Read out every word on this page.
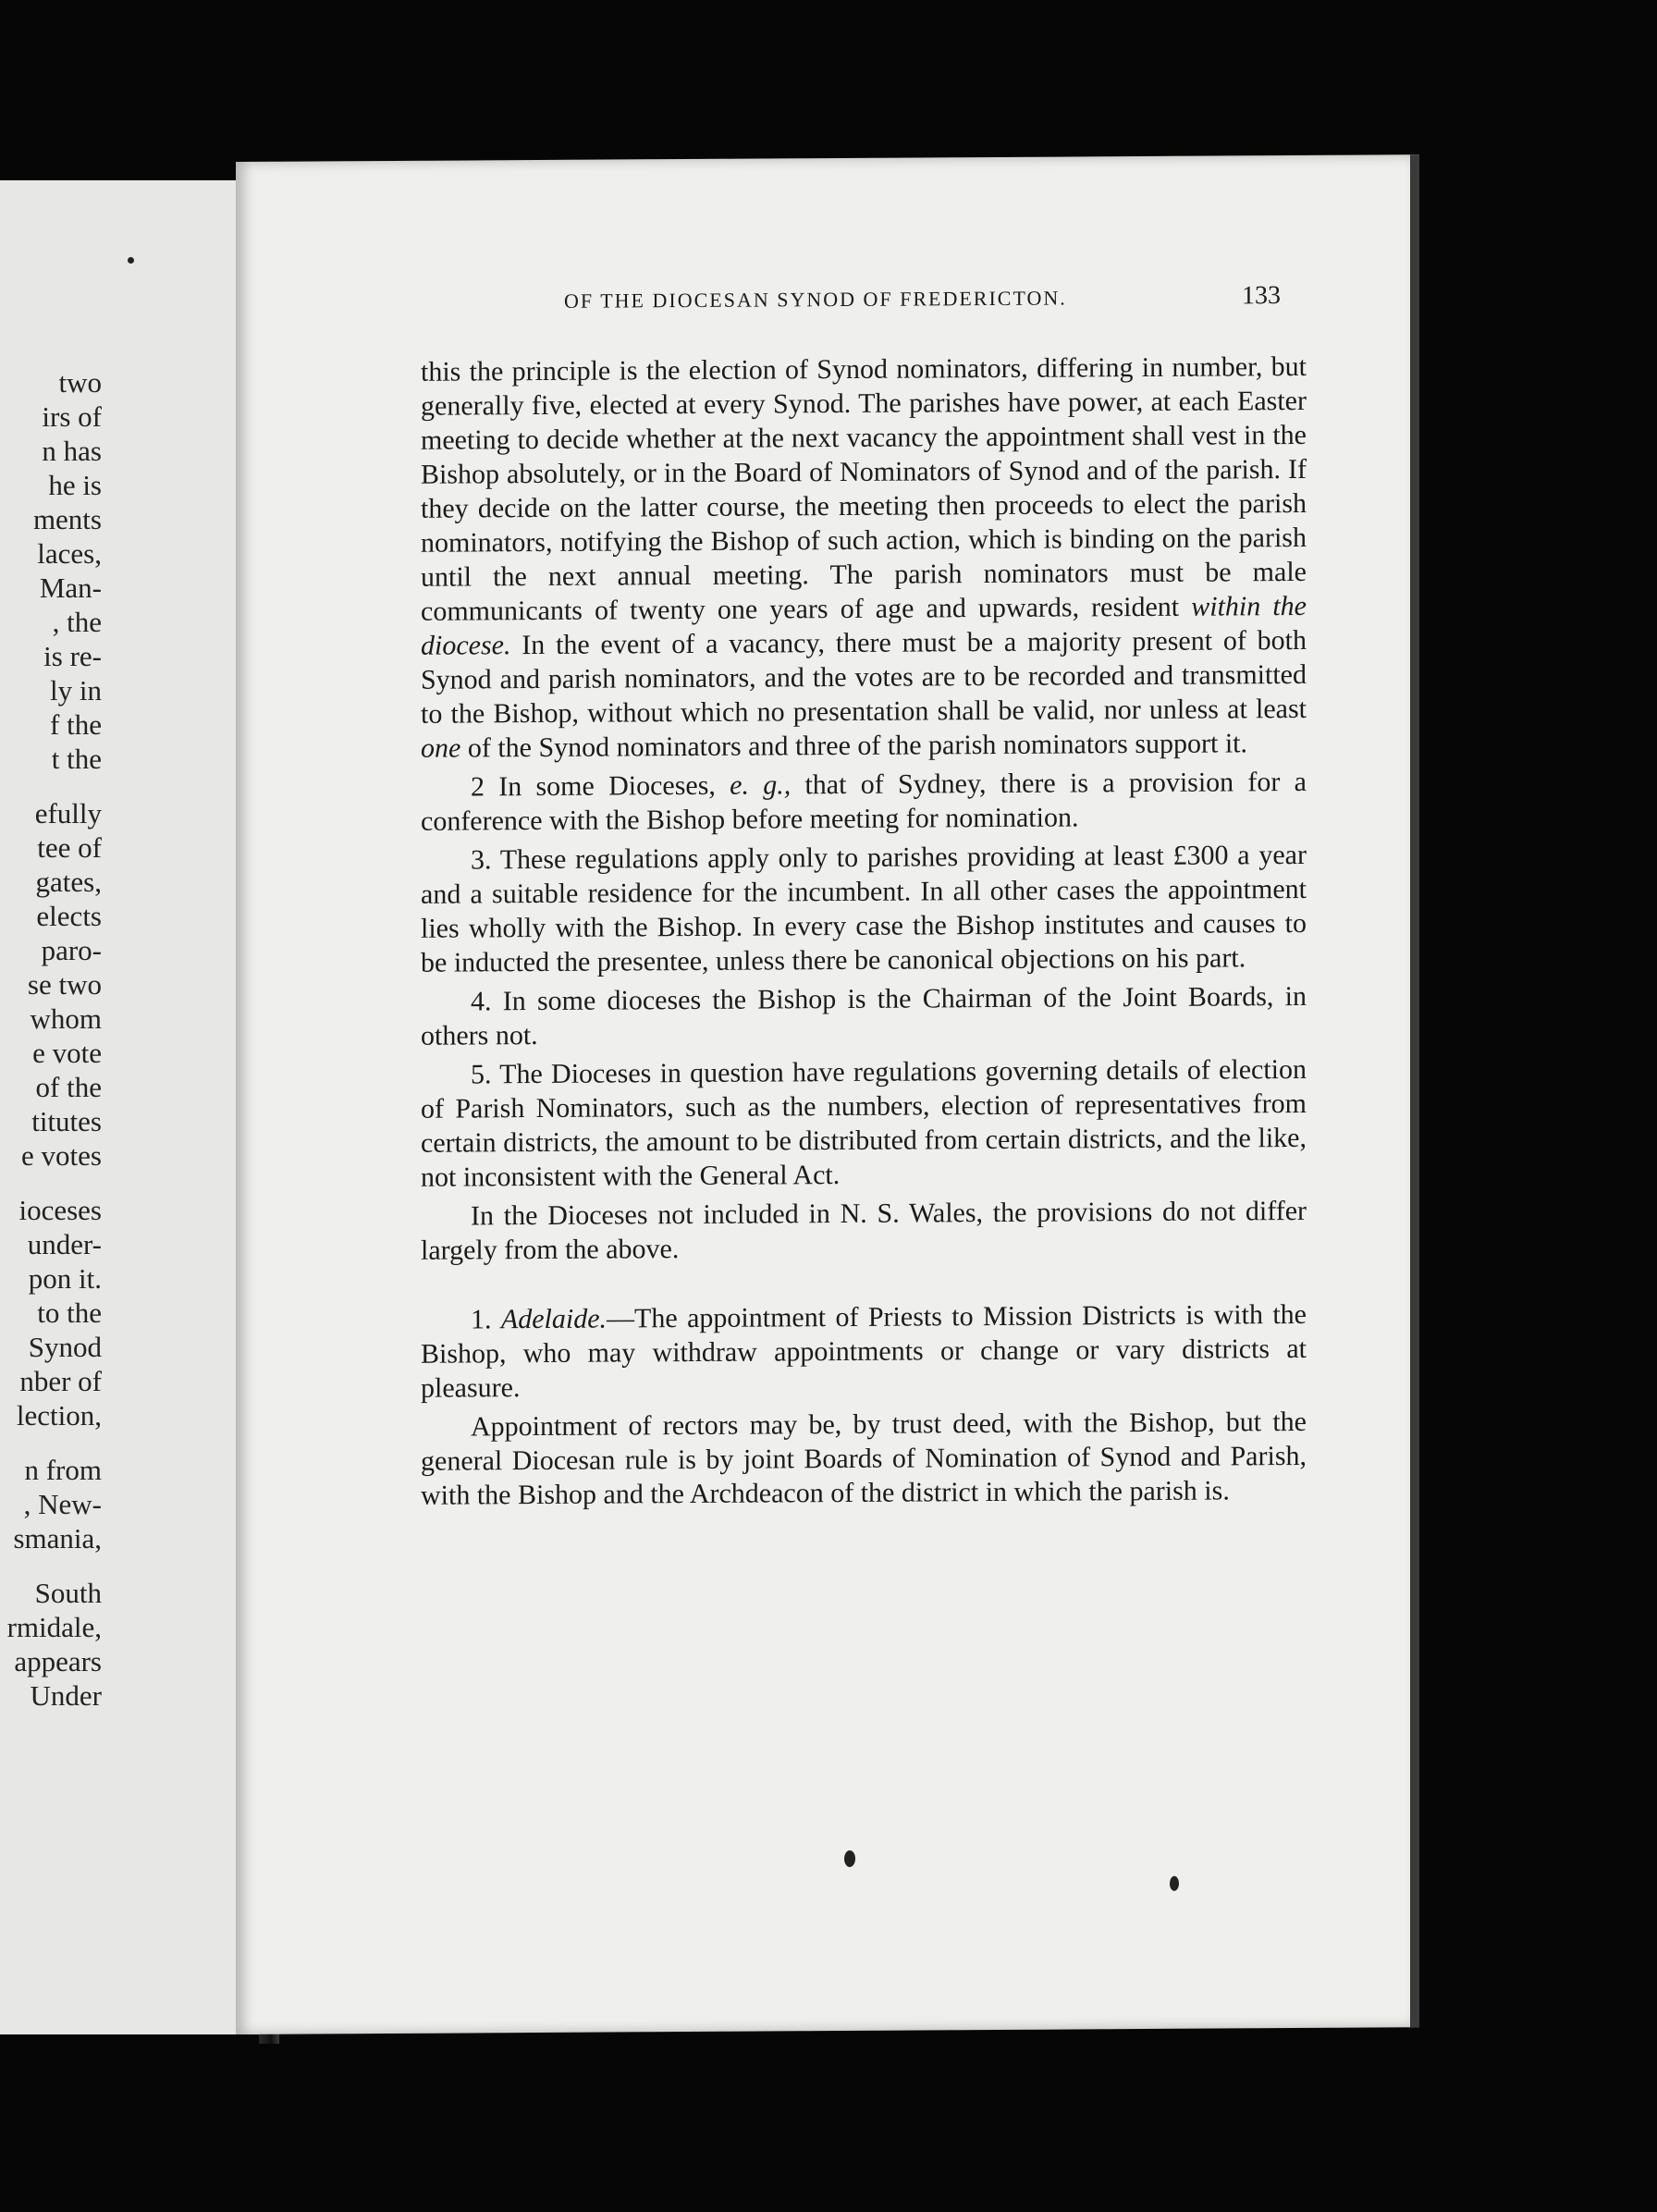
two
irs of
n has
he is
ments
laces,
Man-
, the
is re-
ly in
f the
t the
efully
tee of
gates,
elects
paro-
se two
whom
e vote
of the
titutes
e votes
ioceses
under-
pon it.
to the
Synod
nber of
lection,
n from
, New-
smania,
South
rmidale,
appears
Under
OF THE DIOCESAN SYNOD OF FREDERICTON.	133

this the principle is the election of Synod nominators, differing in number, but generally five, elected at every Synod. The parishes have power, at each Easter meeting to decide whether at the next vacancy the appointment shall vest in the Bishop absolutely, or in the Board of Nominators of Synod and of the parish. If they decide on the latter course, the meeting then proceeds to elect the parish nominators, notifying the Bishop of such action, which is binding on the parish until the next annual meeting. The parish nominators must be male communicants of twenty one years of age and upwards, resident within the diocese. In the event of a vacancy, there must be a majority present of both Synod and parish nominators, and the votes are to be recorded and transmitted to the Bishop, without which no presentation shall be valid, nor unless at least one of the Synod nominators and three of the parish nominators support it.

2 In some Dioceses, e. g., that of Sydney, there is a provision for a conference with the Bishop before meeting for nomination.

3. These regulations apply only to parishes providing at least £300 a year and a suitable residence for the incumbent. In all other cases the appointment lies wholly with the Bishop. In every case the Bishop institutes and causes to be inducted the presentee, unless there be canonical objections on his part.

4. In some dioceses the Bishop is the Chairman of the Joint Boards, in others not.

5. The Dioceses in question have regulations governing details of election of Parish Nominators, such as the numbers, election of representatives from certain districts, the amount to be distributed from certain districts, and the like, not inconsistent with the General Act.

In the Dioceses not included in N. S. Wales, the provisions do not differ largely from the above.

1. Adelaide.—The appointment of Priests to Mission Districts is with the Bishop, who may withdraw appointments or change or vary districts at pleasure.

Appointment of rectors may be, by trust deed, with the Bishop, but the general Diocesan rule is by joint Boards of Nomination of Synod and Parish, with the Bishop and the Archdeacon of the district in which the parish is.
